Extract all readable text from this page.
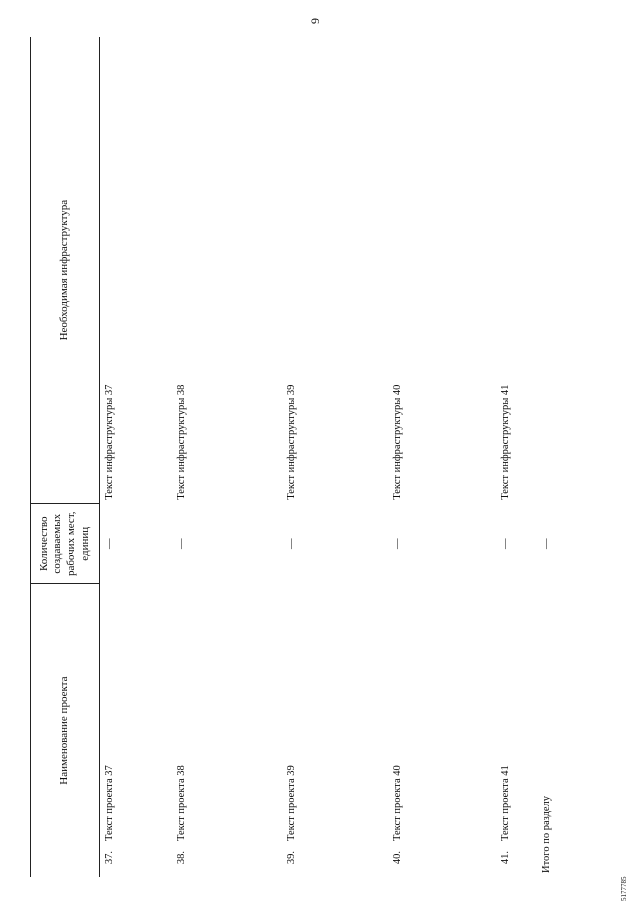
9
5177785
Наименование проекта		Количество создаваемых рабочих мест, единиц	Необходимая инфраструктура
37.	Текст проекта 37	—	Текст инфраструктуры 37
38.	Текст проекта 38	—	Текст инфраструктуры 38
39.	Текст проекта 39	—	Текст инфраструктуры 39
40.	Текст проекта 40	—	Текст инфраструктуры 40
41.	Текст проекта 41	—	Текст инфраструктуры 41
Итого по разделу		—	
